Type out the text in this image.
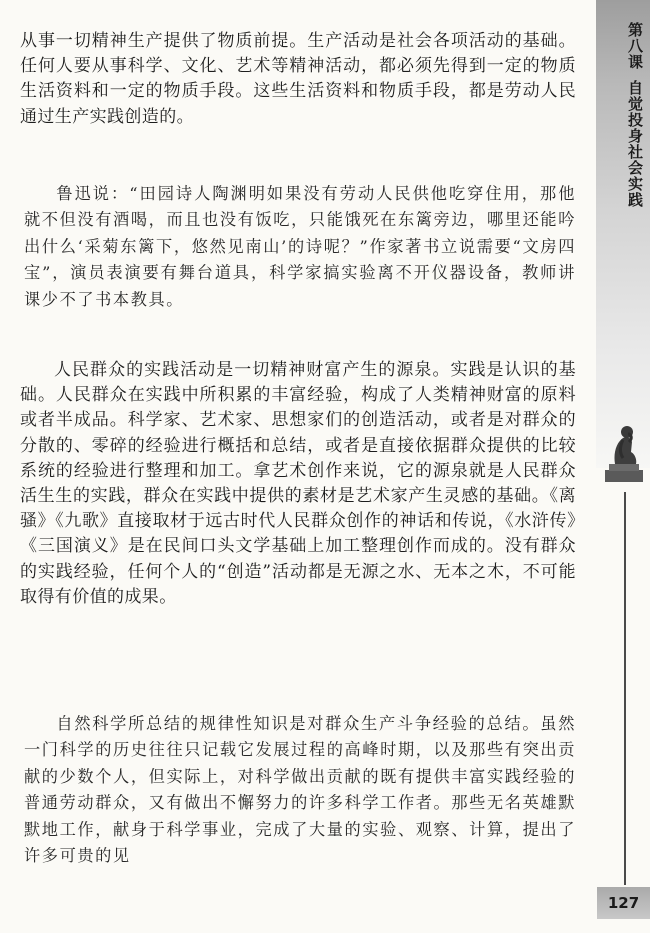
从事一切精神生产提供了物质前提。生产活动是社会各项活动的基础。任何人要从事科学、文化、艺术等精神活动，都必须先得到一定的物质生活资料和一定的物质手段。这些生活资料和物质手段，都是劳动人民通过生产实践创造的。

鲁迅说：“田园诗人陶渊明如果没有劳动人民供他吃穿住用，那他就不但没有酒喝，而且也没有饭吃，只能饿死在东篱旁边，哪里还能吟出什么‘采菊东篱下，悠然见南山’的诗呢？”作家著书立说需要“文房四宝”，演员表演要有舞台道具，科学家搞实验离不开仪器设备，教师讲课少不了书本教具。

人民群众的实践活动是一切精神财富产生的源泉。实践是认识的基础。人民群众在实践中所积累的丰富经验，构成了人类精神财富的原料或者半成品。科学家、艺术家、思想家们的创造活动，或者是对群众的分散的、零碎的经验进行概括和总结，或者是直接依据群众提供的比较系统的经验进行整理和加工。拿艺术创作来说，它的源泉就是人民群众活生生的实践，群众在实践中提供的素材是艺术家产生灵感的基础。《离骚》《九歌》直接取材于远古时代人民群众创作的神话和传说，《水浒传》《三国演义》是在民间口头文学基础上加工整理创作而成的。没有群众的实践经验，任何个人的“创造”活动都是无源之水、无本之木，不可能取得有价值的成果。

自然科学所总结的规律性知识是对群众生产斗争经验的总结。虽然一门科学的历史往往只记载它发展过程的高峰时期，以及那些有突出贡献的少数个人，但实际上，对科学做出贡献的既有提供丰富实践经验的普通劳动群众，又有做出不懈努力的许多科学工作者。那些无名英雄默默地工作，献身于科学事业，完成了大量的实验、观察、计算，提出了许多可贵的见

第八课自觉投身社会实践
127
